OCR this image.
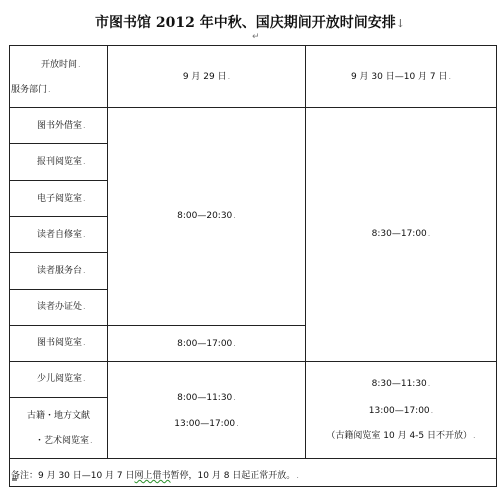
市图书馆 2012 年中秋、国庆期间开放时间安排↓
↵
开放时间.
服务部门.
9 月 29 日.	9 月 30 日—10 月 7 日.
图书外借室.
报刊阅览室.
电子阅览室.
读者自修室.
读者服务台.
读者办证处.
图书阅览室.
少儿阅览室.
古籍・地方文献
・艺术阅览室.
8:00—20:30.
8:30—17:00.
8:00—17:00.
8:00—11:30.
13:00—17:00.
8:30—11:30.
13:00—17:00.
（古籍阅览室 10 月 4-5 日不开放）.
备注：9 月 30 日—10 月 7 日网上借书暂停，10 月 8 日起正常开放。.
